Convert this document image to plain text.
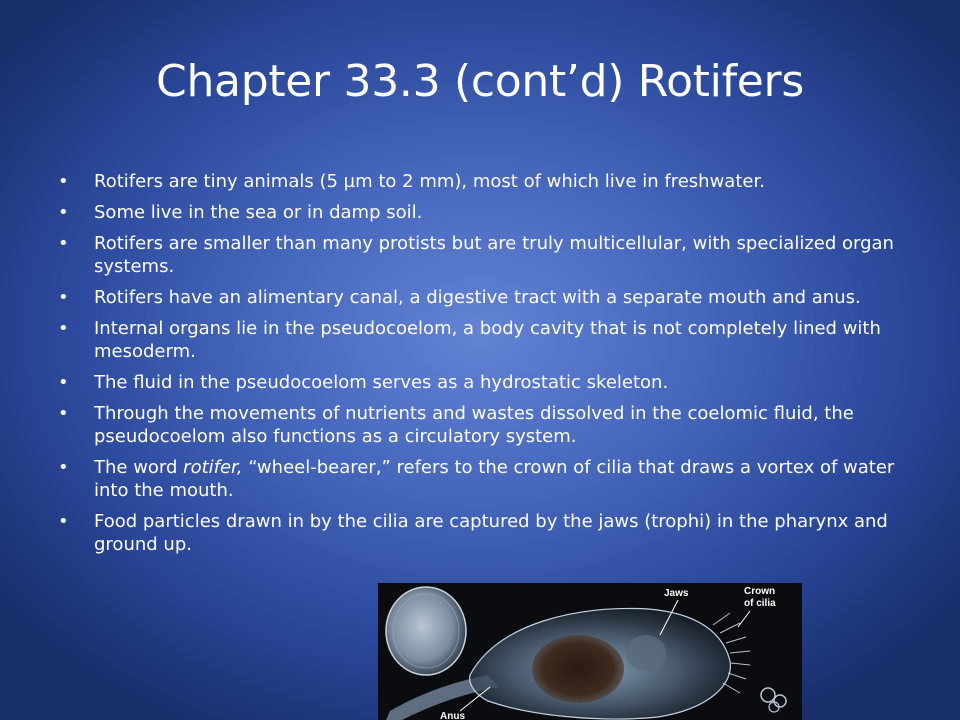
Chapter 33.3 (cont’d) Rotifers
• Rotifers are tiny animals (5 µm to 2 mm), most of which live in freshwater.
• Some live in the sea or in damp soil.
• Rotifers are smaller than many protists but are truly multicellular, with specialized organ systems.
• Rotifers have an alimentary canal, a digestive tract with a separate mouth and anus.
• Internal organs lie in the pseudocoelom, a body cavity that is not completely lined with mesoderm.
• The fluid in the pseudocoelom serves as a hydrostatic skeleton.
• Through the movements of nutrients and wastes dissolved in the coelomic fluid, the pseudocoelom also functions as a circulatory system.
• The word rotifer, “wheel-bearer,” refers to the crown of cilia that draws a vortex of water into the mouth.
• Food particles drawn in by the cilia are captured by the jaws (trophi) in the pharynx and ground up.
Jaws	Crown
of cilia
Anus
